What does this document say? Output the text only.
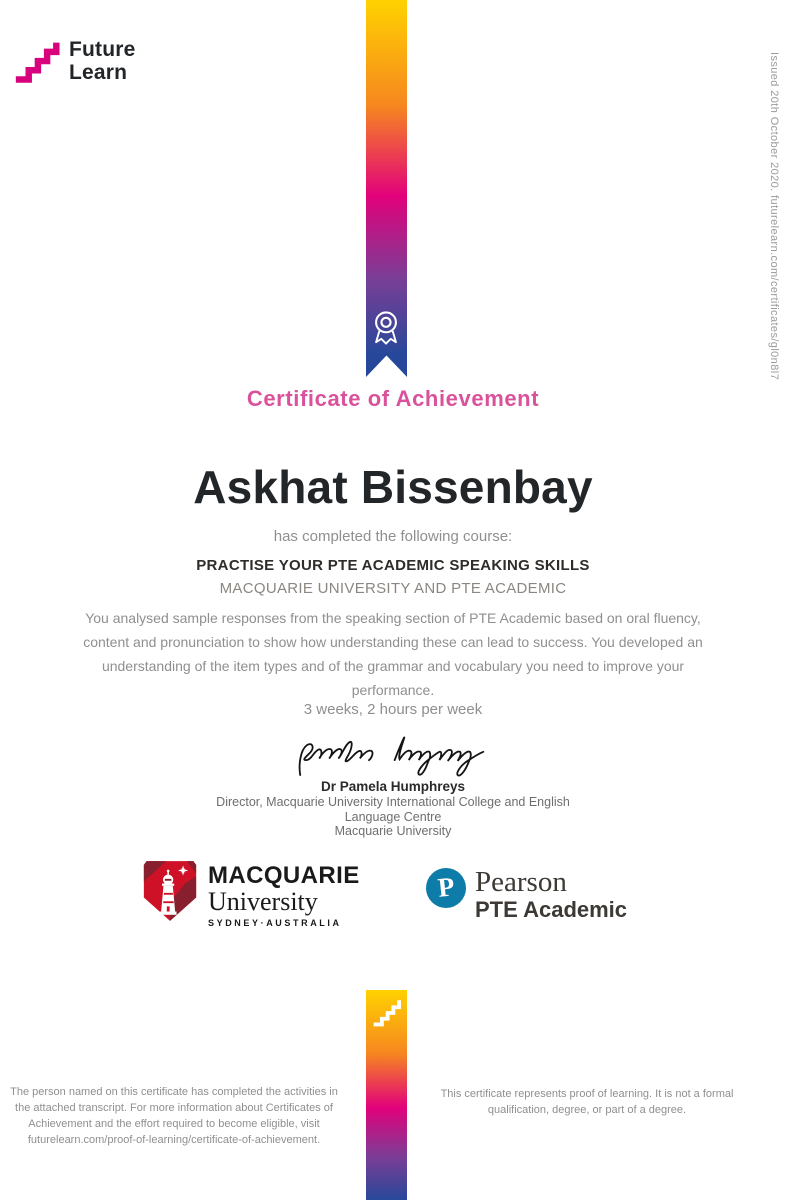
Future
Learn	Issued 20th October 2020. futurelearn.com/certificates/gl0n8l7
Certificate of Achievement
Askhat Bissenbay
has completed the following course:
PRACTISE YOUR PTE ACADEMIC SPEAKING SKILLS
MACQUARIE UNIVERSITY AND PTE ACADEMIC
You analysed sample responses from the speaking section of PTE Academic based on oral fluency, content and pronunciation to show how understanding these can lead to success. You developed an understanding of the item types and of the grammar and vocabulary you need to improve your performance.
3 weeks, 2 hours per week
Dr Pamela Humphreys
Director, Macquarie University International College and English Language Centre
Macquarie University
MACQUARIE
University
SYDNEY·AUSTRALIA
P Pearson
PTE Academic
The person named on this certificate has completed the activities in the attached transcript. For more information about Certificates of Achievement and the effort required to become eligible, visit futurelearn.com/proof-of-learning/certificate-of-achievement.
This certificate represents proof of learning. It is not a formal qualification, degree, or part of a degree.
